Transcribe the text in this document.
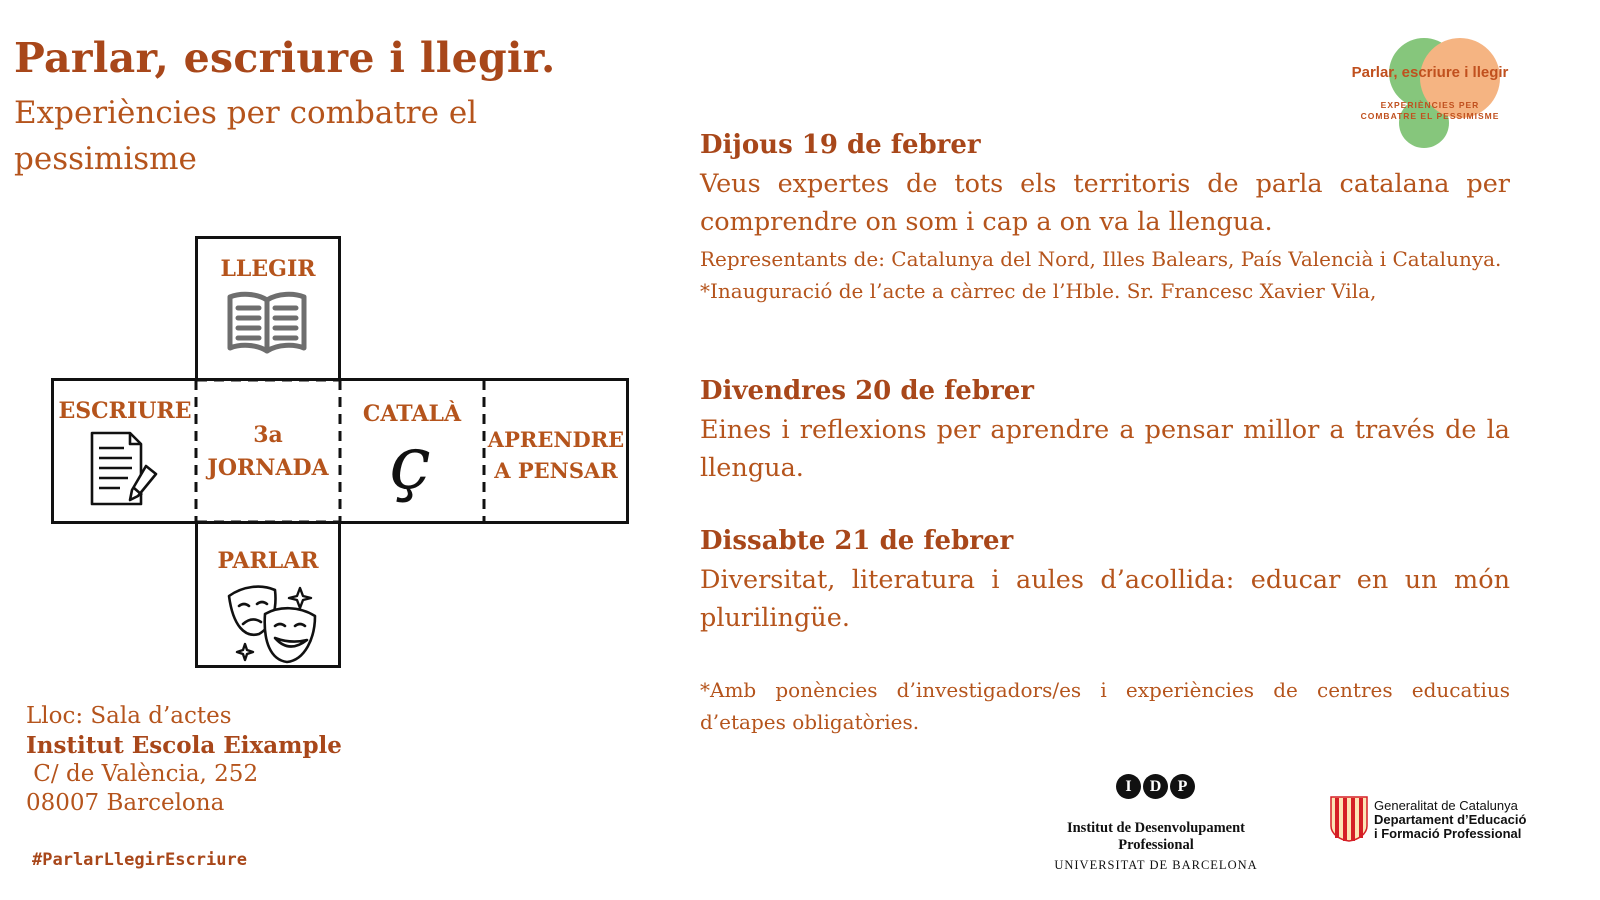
Parlar, escriure i llegir.
Experiències per combatre el pessimisme
LLEGIR
ESCRIURE
3a
JORNADA
CATALÀ
APRENDRE
A PENSAR
PARLAR
ç
Lloc: Sala d’actes
Institut Escola Eixample
C/ de València, 252
08007 Barcelona
#ParlarLlegirEscriure
Dijous 19 de febrer
Veus expertes de tots els territoris de parla catalana per comprendre on som i cap a on va la llengua.
Representants de: Catalunya del Nord, Illes Balears, País Valencià i Catalunya.
*Inauguració de l’acte a càrrec de l’Hble. Sr. Francesc Xavier Vila,
Divendres 20 de febrer
Eines i reflexions per aprendre a pensar millor a través de la llengua.
Dissabte 21 de febrer
Diversitat, literatura i aules d’acollida: educar en un món plurilingüe.
*Amb ponències d’investigadors/es i experiències de centres educatius d’etapes obligatòries.
Parlar, escriure i llegir
EXPERIÈNCIES PER
COMBATRE EL PESSIMISME
I	D	P
Institut de Desenvolupament
Professional
UNIVERSITAT DE BARCELONA
Generalitat de Catalunya
Departament d’Educació
i Formació Professional
